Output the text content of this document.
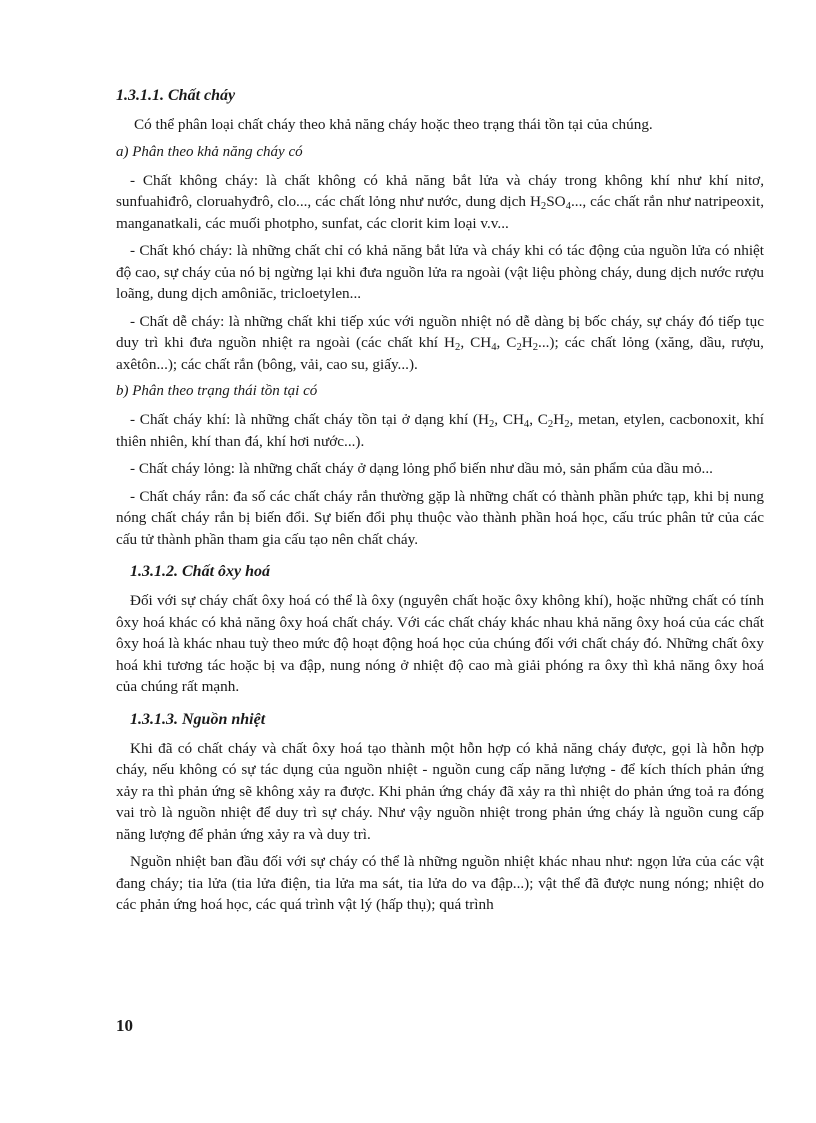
1.3.1.1. Chất cháy
Có thể phân loại chất cháy theo khả năng cháy hoặc theo trạng thái tồn tại của chúng.
a) Phân theo khả năng cháy có
- Chất không cháy: là chất không có khả năng bắt lửa và cháy trong không khí như khí nitơ, sunfuahiđrô, cloruahyđrô, clo..., các chất lỏng như nước, dung dịch $H_2SO_4$..., các chất rắn như natripeoxit, manganatkali, các muối photpho, sunfat, các clorit kim loại v.v...
- Chất khó cháy: là những chất chỉ có khả năng bắt lửa và cháy khi có tác động của nguồn lửa có nhiệt độ cao, sự cháy của nó bị ngừng lại khi đưa nguồn lửa ra ngoài (vật liệu phòng cháy, dung dịch nước rượu loãng, dung dịch amôniăc, tricloetylen...
- Chất dễ cháy: là những chất khi tiếp xúc với nguồn nhiệt nó dễ dàng bị bốc cháy, sự cháy đó tiếp tục duy trì khi đưa nguồn nhiệt ra ngoài (các chất khí $H_2$, $CH_4$, $C_2H_2$...); các chất lỏng (xăng, dầu, rượu, axêtôn...); các chất rắn (bông, vải, cao su, giấy...).
b) Phân theo trạng thái tồn tại có
- Chất cháy khí: là những chất cháy tồn tại ở dạng khí ($H_2$, $CH_4$, $C_2H_2$, metan, etylen, cacbonoxit, khí thiên nhiên, khí than đá, khí hơi nước...).
- Chất cháy lỏng: là những chất cháy ở dạng lỏng phổ biến như dầu mỏ, sản phẩm của dầu mỏ...
- Chất cháy rắn: đa số các chất cháy rắn thường gặp là những chất có thành phần phức tạp, khi bị nung nóng chất cháy rắn bị biến đổi. Sự biến đổi phụ thuộc vào thành phần hoá học, cấu trúc phân tử của các cấu tử thành phần tham gia cấu tạo nên chất cháy.
1.3.1.2. Chất ôxy hoá
Đối với sự cháy chất ôxy hoá có thể là ôxy (nguyên chất hoặc ôxy không khí), hoặc những chất có tính ôxy hoá khác có khả năng ôxy hoá chất cháy. Với các chất cháy khác nhau khả năng ôxy hoá của các chất ôxy hoá là khác nhau tuỳ theo mức độ hoạt động hoá học của chúng đối với chất cháy đó. Những chất ôxy hoá khi tương tác hoặc bị va đập, nung nóng ở nhiệt độ cao mà giải phóng ra ôxy thì khả năng ôxy hoá của chúng rất mạnh.
1.3.1.3. Nguồn nhiệt
Khi đã có chất cháy và chất ôxy hoá tạo thành một hỗn hợp có khả năng cháy được, gọi là hỗn hợp cháy, nếu không có sự tác dụng của nguồn nhiệt - nguồn cung cấp năng lượng - để kích thích phản ứng xảy ra thì phản ứng sẽ không xảy ra được. Khi phản ứng cháy đã xảy ra thì nhiệt do phản ứng toả ra đóng vai trò là nguồn nhiệt để duy trì sự cháy. Như vậy nguồn nhiệt trong phản ứng cháy là nguồn cung cấp năng lượng để phản ứng xảy ra và duy trì.
Nguồn nhiệt ban đầu đối với sự cháy có thể là những nguồn nhiệt khác nhau như: ngọn lửa của các vật đang cháy; tia lửa (tia lửa điện, tia lửa ma sát, tia lửa do va đập...); vật thể đã được nung nóng; nhiệt do các phản ứng hoá học, các quá trình vật lý (hấp thụ); quá trình
10
